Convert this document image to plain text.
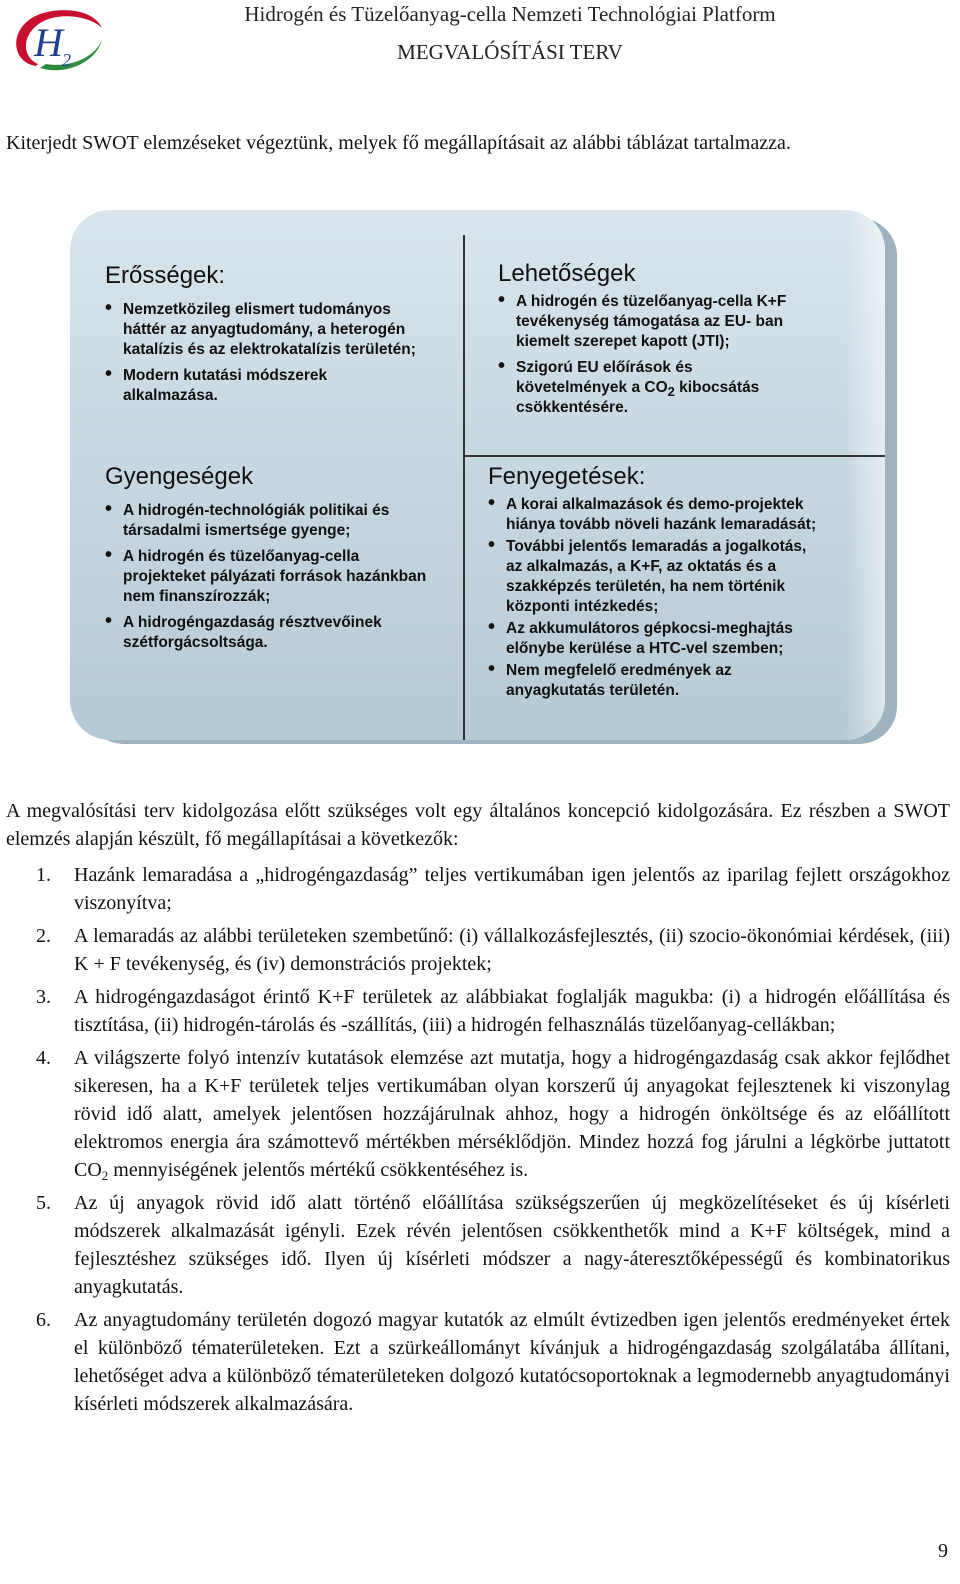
H 2
Hidrogén és Tüzelőanyag-cella Nemzeti Technológiai Platform
MEGVALÓSÍTÁSI TERV
Kiterjedt SWOT elemzéseket végeztünk, melyek fő megállapításait az alábbi táblázat tartalmazza.
Erősségek:
• Nemzetközileg elismert tudományos háttér az anyagtudomány, a heterogén katalízis és az elektrokatalízis területén;
• Modern kutatási módszerek alkalmazása.
Lehetőségek
• A hidrogén és tüzelőanyag-cella K+F tevékenység támogatása az EU- ban kiemelt szerepet kapott (JTI);
• Szigorú EU előírások és követelmények a $CO_2$ kibocsátás csökkentésére.
Gyengeségek
• A hidrogén-technológiák politikai és társadalmi ismertsége gyenge;
• A hidrogén és tüzelőanyag-cella projekteket pályázati források hazánkban nem finanszírozzák;
• A hidrogéngazdaság résztvevőinek szétforgácsoltsága.
Fenyegetések:
• A korai alkalmazások és demo-projektek hiánya tovább növeli hazánk lemaradását;
• További jelentős lemaradás a jogalkotás, az alkalmazás, a K+F, az oktatás és a szakképzés területén, ha nem történik központi intézkedés;
• Az akkumulátoros gépkocsi-meghajtás előnybe kerülése a HTC-vel szemben;
• Nem megfelelő eredmények az anyagkutatás területén.
A megvalósítási terv kidolgozása előtt szükséges volt egy általános koncepció kidolgozására. Ez részben a SWOT elemzés alapján készült, fő megállapításai a következők:
1. Hazánk lemaradása a „hidrogéngazdaság” teljes vertikumában igen jelentős az iparilag fejlett országokhoz viszonyítva;
2. A lemaradás az alábbi területeken szembetűnő: (i) vállalkozásfejlesztés, (ii) szocio-ökonómiai kérdések, (iii) K + F tevékenység, és (iv) demonstrációs projektek;
3. A hidrogéngazdaságot érintő K+F területek az alábbiakat foglalják magukba: (i) a hidrogén előállítása és tisztítása, (ii) hidrogén-tárolás és -szállítás, (iii) a hidrogén felhasználás tüzelőanyag-cellákban;
4. A világszerte folyó intenzív kutatások elemzése azt mutatja, hogy a hidrogéngazdaság csak akkor fejlődhet sikeresen, ha a K+F területek teljes vertikumában olyan korszerű új anyagokat fejlesztenek ki viszonylag rövid idő alatt, amelyek jelentősen hozzájárulnak ahhoz, hogy a hidrogén önköltsége és az előállított elektromos energia ára számottevő mértékben mérséklődjön. Mindez hozzá fog járulni a légkörbe juttatott $CO_2$ mennyiségének jelentős mértékű csökkentéséhez is.
5. Az új anyagok rövid idő alatt történő előállítása szükségszerűen új megközelítéseket és új kísérleti módszerek alkalmazását igényli. Ezek révén jelentősen csökkenthetők mind a K+F költségek, mind a fejlesztéshez szükséges idő. Ilyen új kísérleti módszer a nagy-áteresztőképességű és kombinatorikus anyagkutatás.
6. Az anyagtudomány területén dogozó magyar kutatók az elmúlt évtizedben igen jelentős eredményeket értek el különböző tématerületeken. Ezt a szürkeállományt kívánjuk a hidrogéngazdaság szolgálatába állítani, lehetőséget adva a különböző tématerületeken dolgozó kutatócsoportoknak a legmodernebb anyagtudományi kísérleti módszerek alkalmazására.
9
